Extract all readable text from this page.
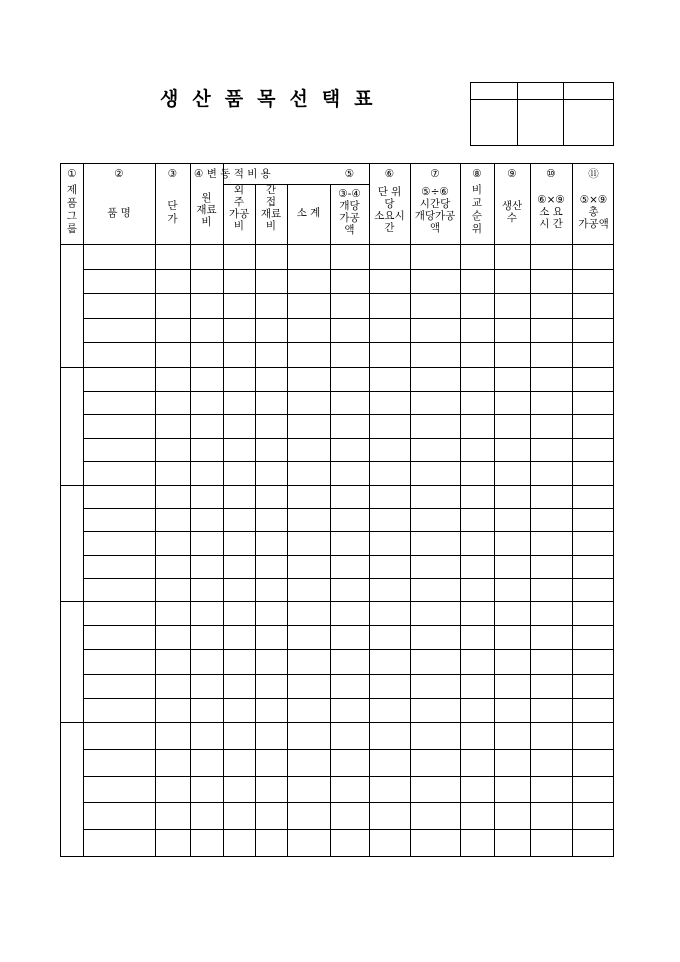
생 산 품 목 선 택 표
①
제
품
그
룹
②
품 명
③
단
가
④ 변 동 적 비 용
원
재료
비
외
주
가공
비
간
접
재료
비
소 계
⑤
③-④
개당
가공
액
⑥
단 위
당
소요시
간
⑦
⑤÷⑥
시간당
개당가공
액
⑧
비
교
순
위
⑨
생산
수
⑩
⑥×⑨
소 요
시 간
⑪
⑤×⑨
총
가공액
